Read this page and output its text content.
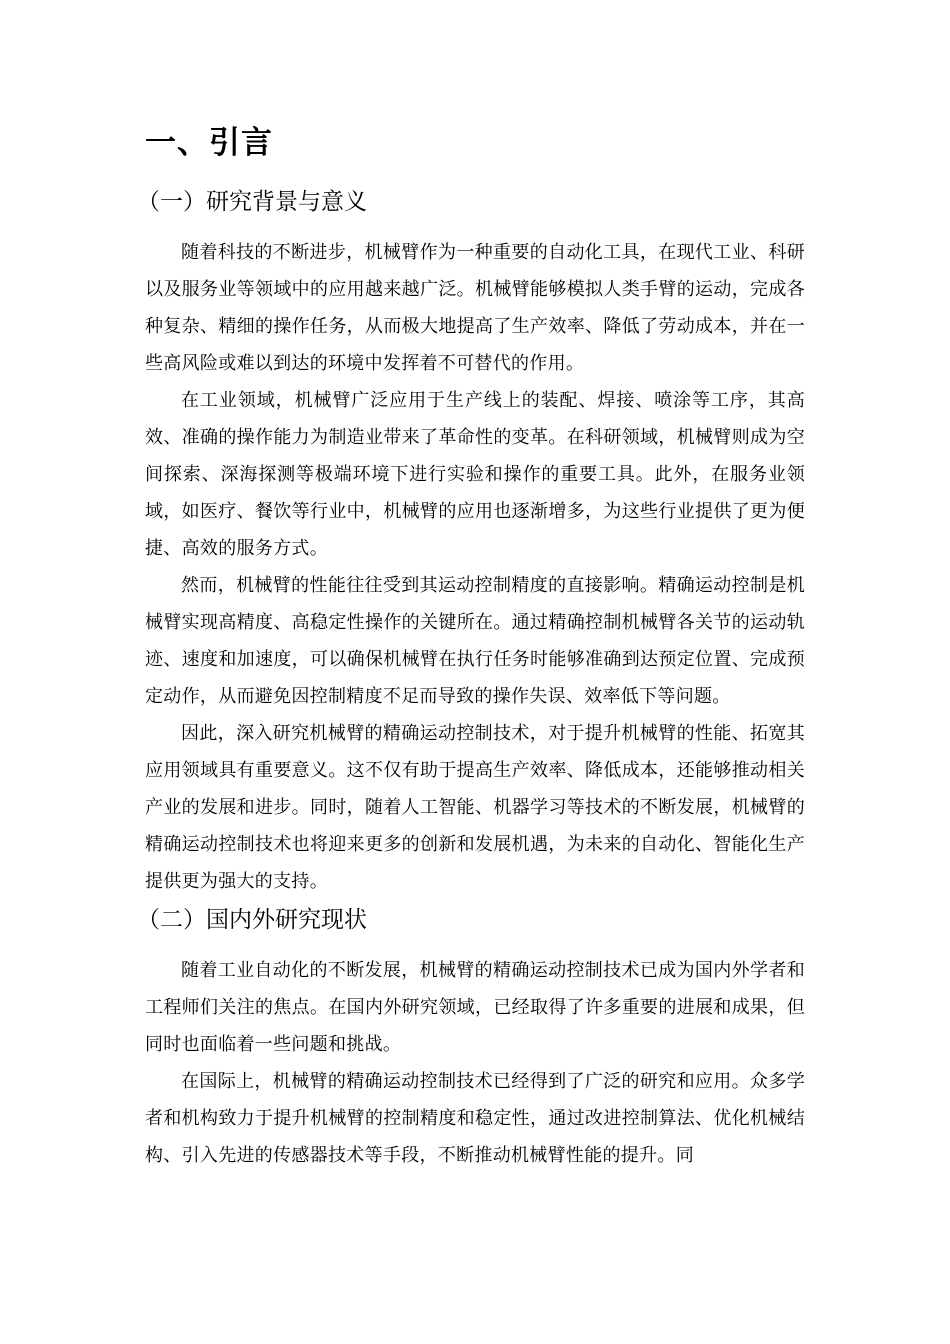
一、引言
（一）研究背景与意义

随着科技的不断进步，机械臂作为一种重要的自动化工具，在现代工业、科研以及服务业等领域中的应用越来越广泛。机械臂能够模拟人类手臂的运动，完成各种复杂、精细的操作任务，从而极大地提高了生产效率、降低了劳动成本，并在一些高风险或难以到达的环境中发挥着不可替代的作用。

在工业领域，机械臂广泛应用于生产线上的装配、焊接、喷涂等工序，其高效、准确的操作能力为制造业带来了革命性的变革。在科研领域，机械臂则成为空间探索、深海探测等极端环境下进行实验和操作的重要工具。此外，在服务业领域，如医疗、餐饮等行业中，机械臂的应用也逐渐增多，为这些行业提供了更为便捷、高效的服务方式。

然而，机械臂的性能往往受到其运动控制精度的直接影响。精确运动控制是机械臂实现高精度、高稳定性操作的关键所在。通过精确控制机械臂各关节的运动轨迹、速度和加速度，可以确保机械臂在执行任务时能够准确到达预定位置、完成预定动作，从而避免因控制精度不足而导致的操作失误、效率低下等问题。

因此，深入研究机械臂的精确运动控制技术，对于提升机械臂的性能、拓宽其应用领域具有重要意义。这不仅有助于提高生产效率、降低成本，还能够推动相关产业的发展和进步。同时，随着人工智能、机器学习等技术的不断发展，机械臂的精确运动控制技术也将迎来更多的创新和发展机遇，为未来的自动化、智能化生产提供更为强大的支持。

（二）国内外研究现状

随着工业自动化的不断发展，机械臂的精确运动控制技术已成为国内外学者和工程师们关注的焦点。在国内外研究领域，已经取得了许多重要的进展和成果，但同时也面临着一些问题和挑战。

在国际上，机械臂的精确运动控制技术已经得到了广泛的研究和应用。众多学者和机构致力于提升机械臂的控制精度和稳定性，通过改进控制算法、优化机械结构、引入先进的传感器技术等手段，不断推动机械臂性能的提升。同
